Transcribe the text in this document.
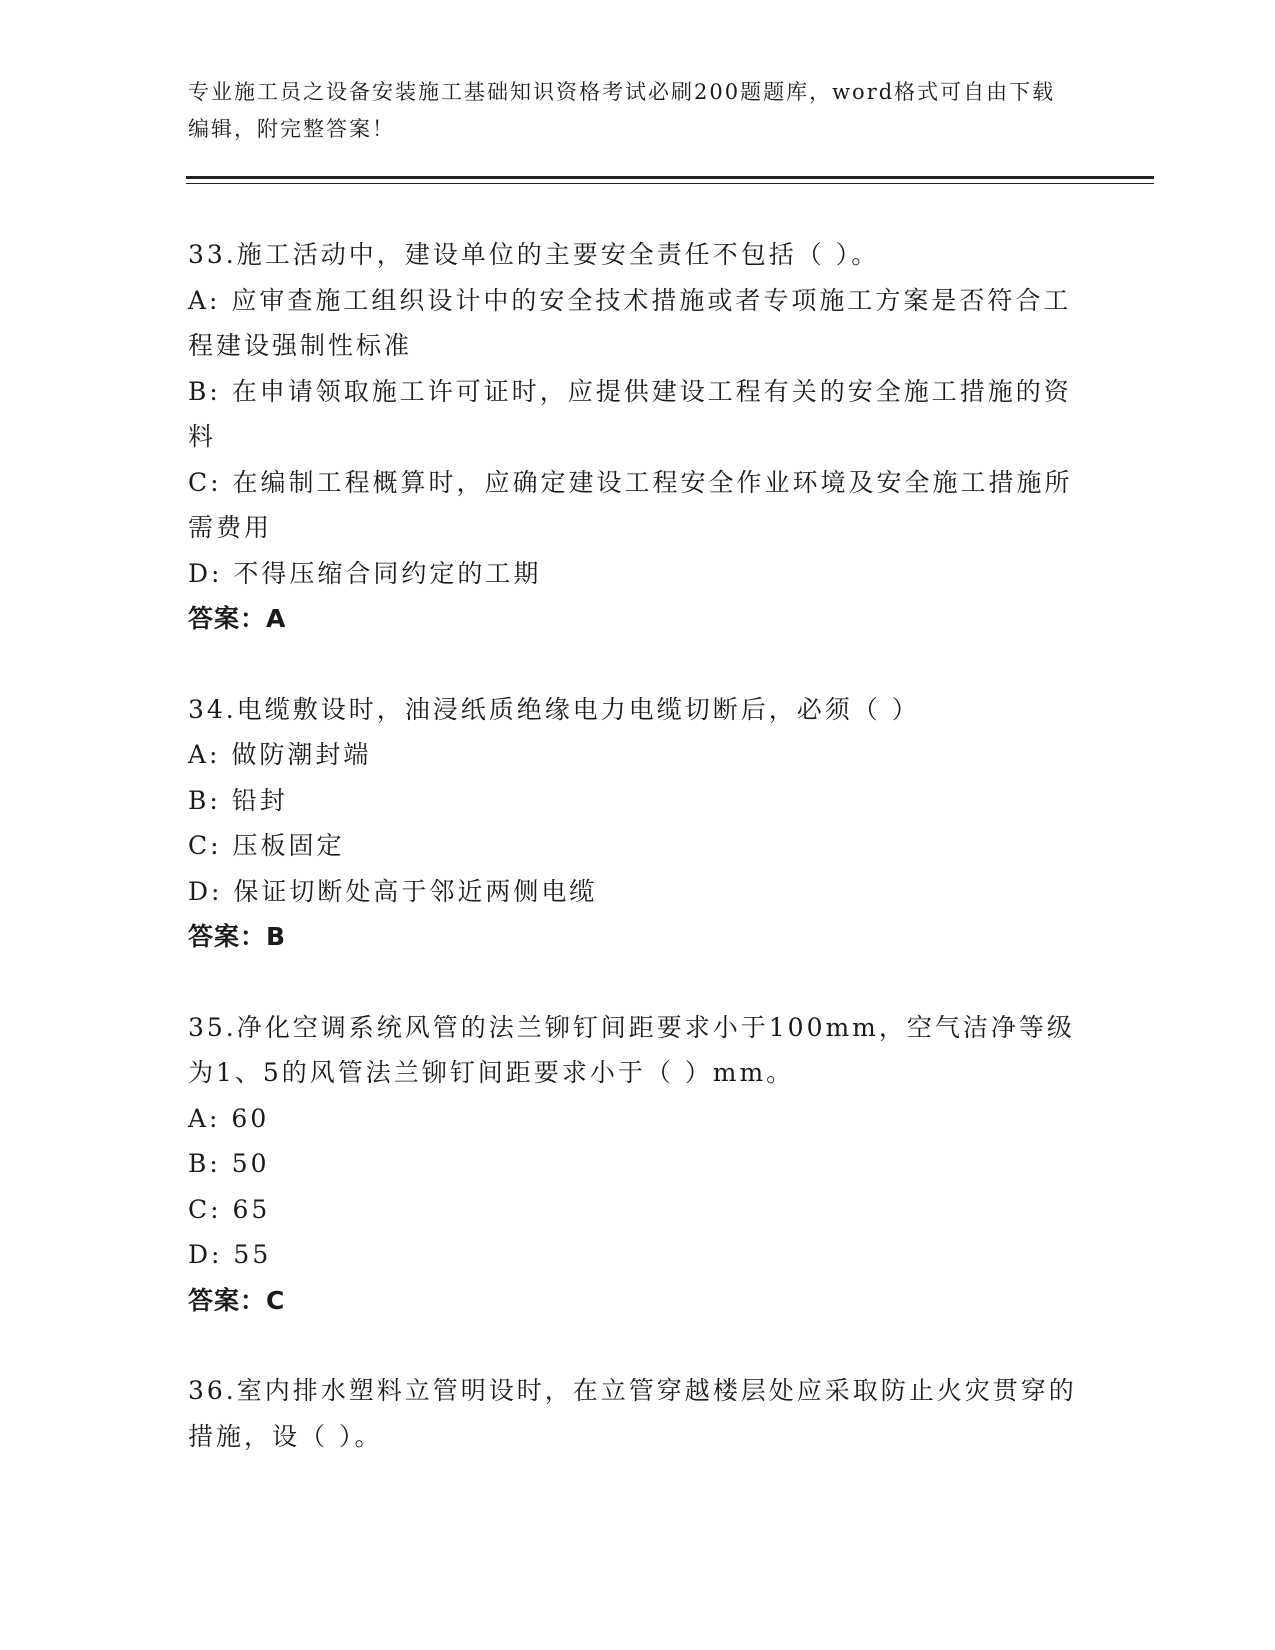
专业施工员之设备安装施工基础知识资格考试必刷200题题库，word格式可自由下载编辑，附完整答案！
33.施工活动中，建设单位的主要安全责任不包括（ ）。
A: 应审查施工组织设计中的安全技术措施或者专项施工方案是否符合工程建设强制性标准
B: 在申请领取施工许可证时，应提供建设工程有关的安全施工措施的资料
C: 在编制工程概算时，应确定建设工程安全作业环境及安全施工措施所需费用
D: 不得压缩合同约定的工期
答案：A
34.电缆敷设时，油浸纸质绝缘电力电缆切断后，必须（ ）
A: 做防潮封端
B: 铅封
C: 压板固定
D: 保证切断处高于邻近两侧电缆
答案：B
35.净化空调系统风管的法兰铆钉间距要求小于100mm，空气洁净等级为1、5的风管法兰铆钉间距要求小于（ ）mm。
A: 60
B: 50
C: 65
D: 55
答案：C
36.室内排水塑料立管明设时，在立管穿越楼层处应采取防止火灾贯穿的措施，设（ ）。
